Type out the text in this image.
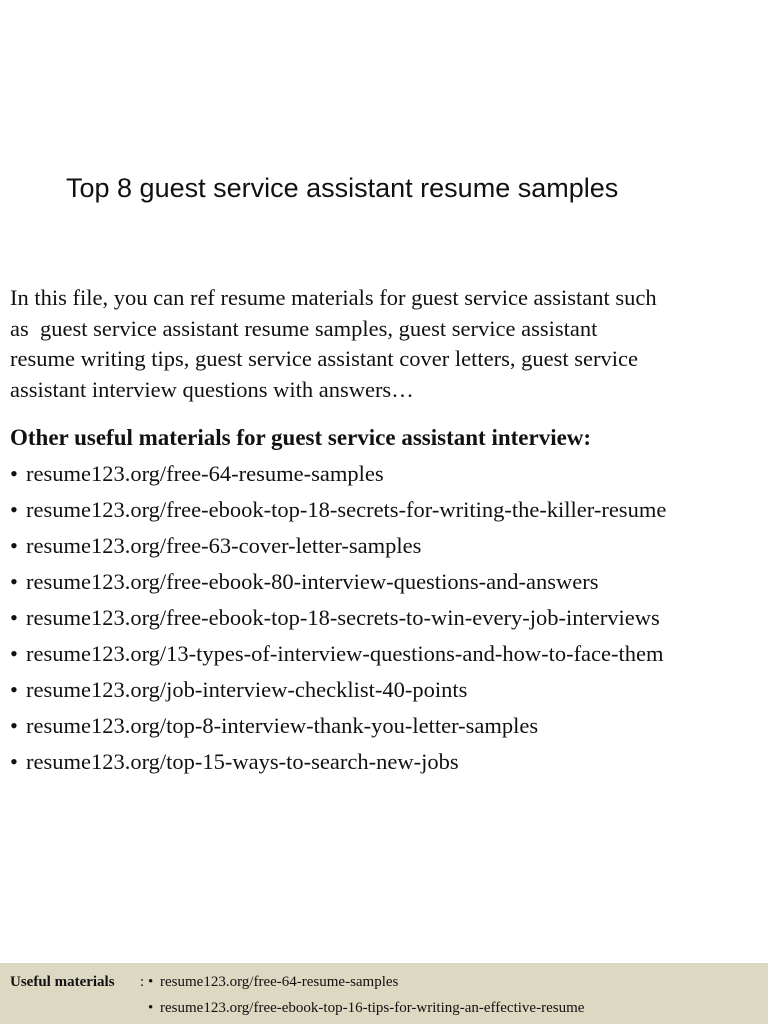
Top 8 guest service assistant resume samples
In this file, you can ref resume materials for guest service assistant such
as  guest service assistant resume samples, guest service assistant
resume writing tips, guest service assistant cover letters, guest service
assistant interview questions with answers…
Other useful materials for guest service assistant interview:
• resume123.org/free-64-resume-samples
• resume123.org/free-ebook-top-18-secrets-for-writing-the-killer-resume
• resume123.org/free-63-cover-letter-samples
• resume123.org/free-ebook-80-interview-questions-and-answers
• resume123.org/free-ebook-top-18-secrets-to-win-every-job-interviews
• resume123.org/13-types-of-interview-questions-and-how-to-face-them
• resume123.org/job-interview-checklist-40-points
• resume123.org/top-8-interview-thank-you-letter-samples
• resume123.org/top-15-ways-to-search-new-jobs
Useful materials : • resume123.org/free-64-resume-samples
• resume123.org/free-ebook-top-16-tips-for-writing-an-effective-resume
